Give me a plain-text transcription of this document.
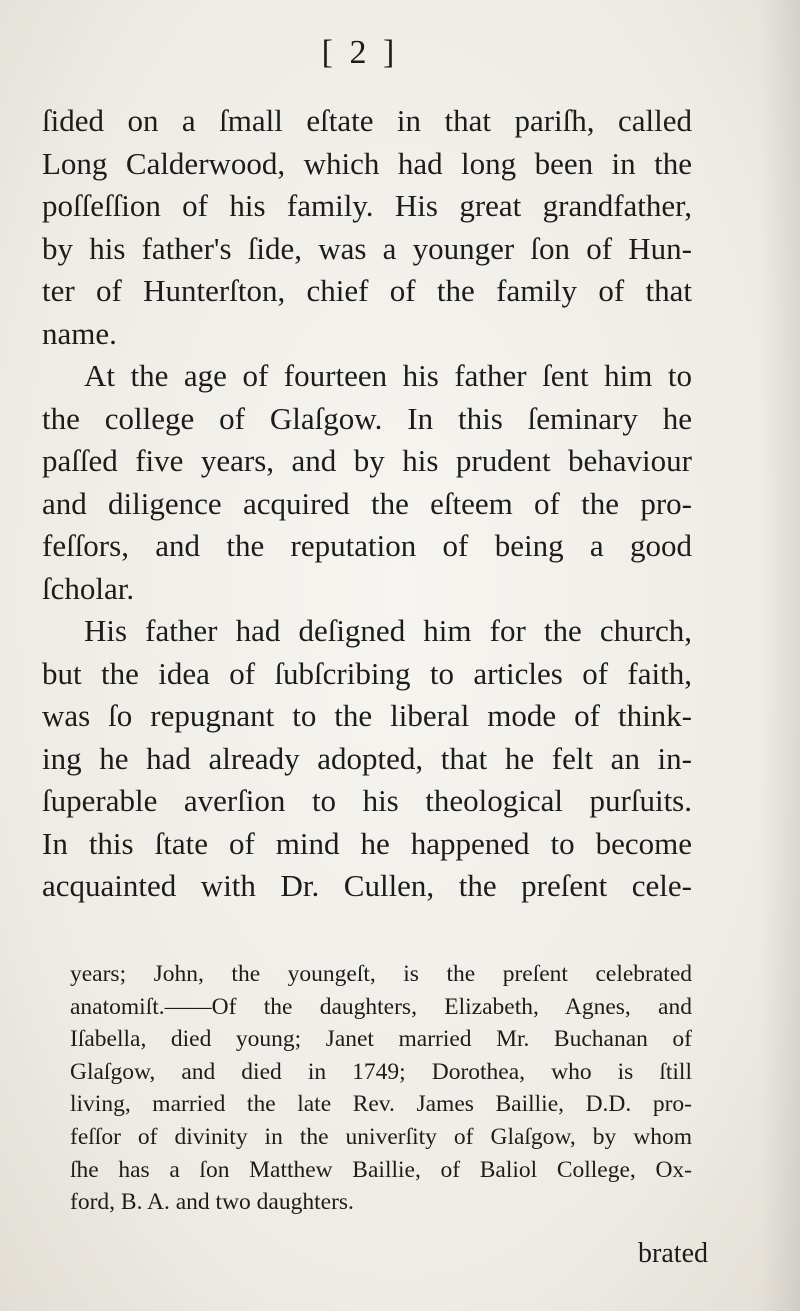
[ 2 ]
ſided on a ſmall eſtate in that pariſh, called
Long Calderwood, which had long been in the
poſſeſſion of his family. His great grandfather,
by his father's ſide, was a younger ſon of Hun-
ter of Hunterſton, chief of the family of that
name.
At the age of fourteen his father ſent him to
the college of Glaſgow. In this ſeminary he
paſſed five years, and by his prudent behaviour
and diligence acquired the eſteem of the pro-
feſſors, and the reputation of being a good
ſcholar.
His father had deſigned him for the church,
but the idea of ſubſcribing to articles of faith,
was ſo repugnant to the liberal mode of think-
ing he had already adopted, that he felt an in-
ſuperable averſion to his theological purſuits.
In this ſtate of mind he happened to become
acquainted with Dr. Cullen, the preſent cele-
years; John, the youngeſt, is the preſent celebrated
anatomiſt.——Of the daughters, Elizabeth, Agnes, and
Iſabella, died young; Janet married Mr. Buchanan of
Glaſgow, and died in 1749; Dorothea, who is ſtill
living, married the late Rev. James Baillie, D.D. pro-
feſſor of divinity in the univerſity of Glaſgow, by whom
ſhe has a ſon Matthew Baillie, of Baliol College, Ox-
ford, B. A. and two daughters.
brated
